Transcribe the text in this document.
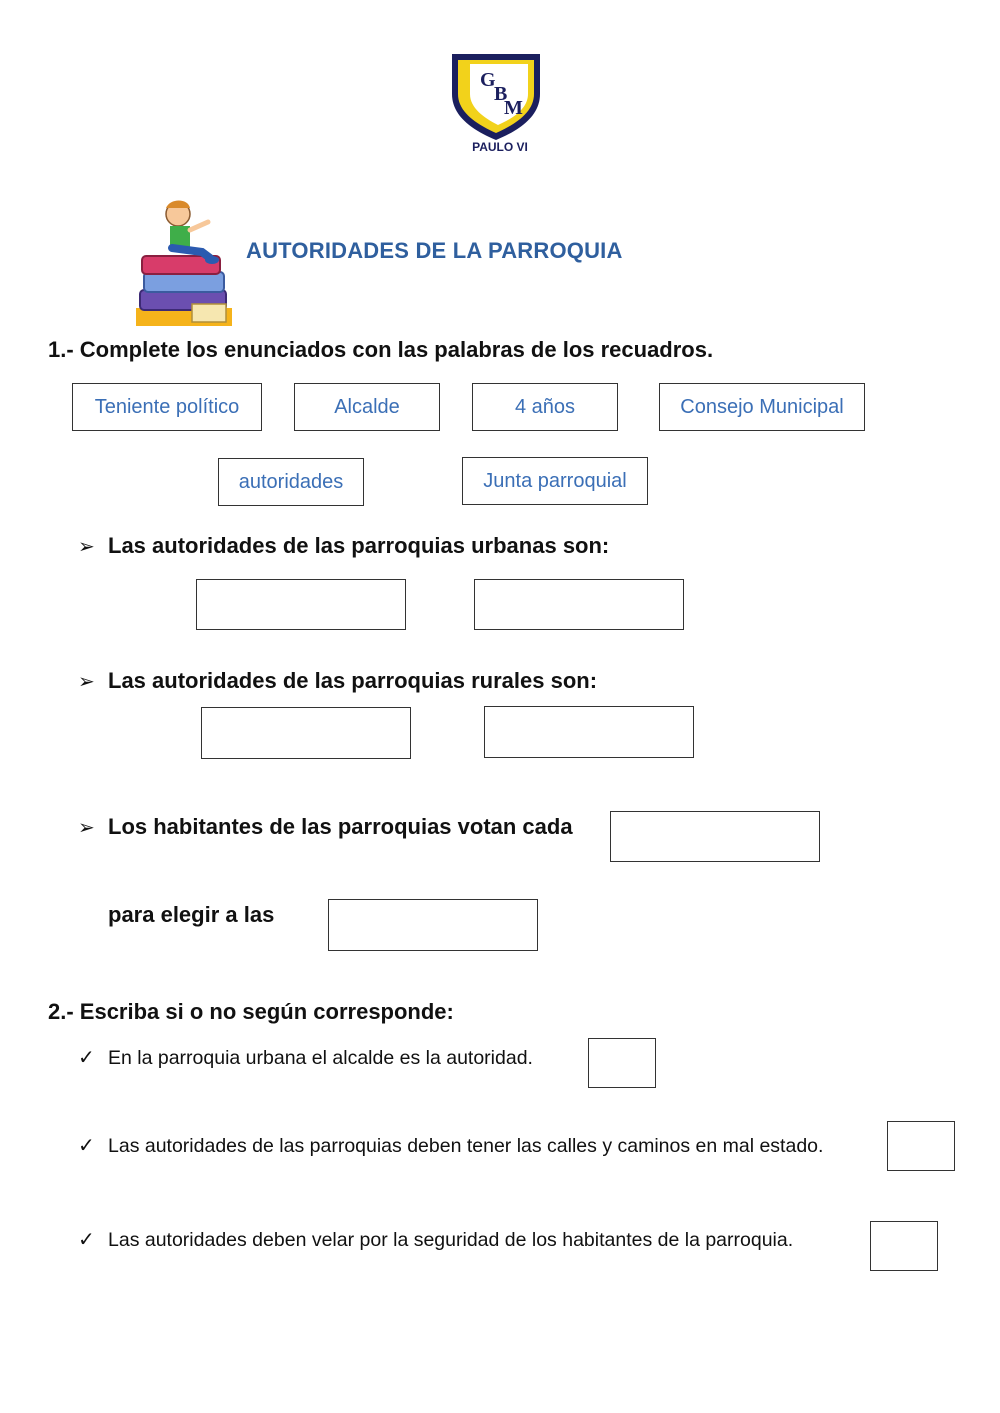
G
B
M
PAULO VI
AUTORIDADES DE LA PARROQUIA
1.- Complete los enunciados con las palabras de los recuadros.
Teniente político	Alcalde	4 años	Consejo Municipal
autoridades	Junta parroquial
➢ Las autoridades de las parroquias urbanas son:
➢ Las autoridades de las parroquias rurales son:
➢ Los habitantes de las parroquias votan cada
para elegir a las
2.- Escriba si o no según corresponde:
✓ En la parroquia urbana el alcalde es la autoridad.
✓ Las autoridades de las parroquias deben tener las calles y caminos en mal estado.
✓ Las autoridades deben velar por la seguridad de los habitantes de la parroquia.
